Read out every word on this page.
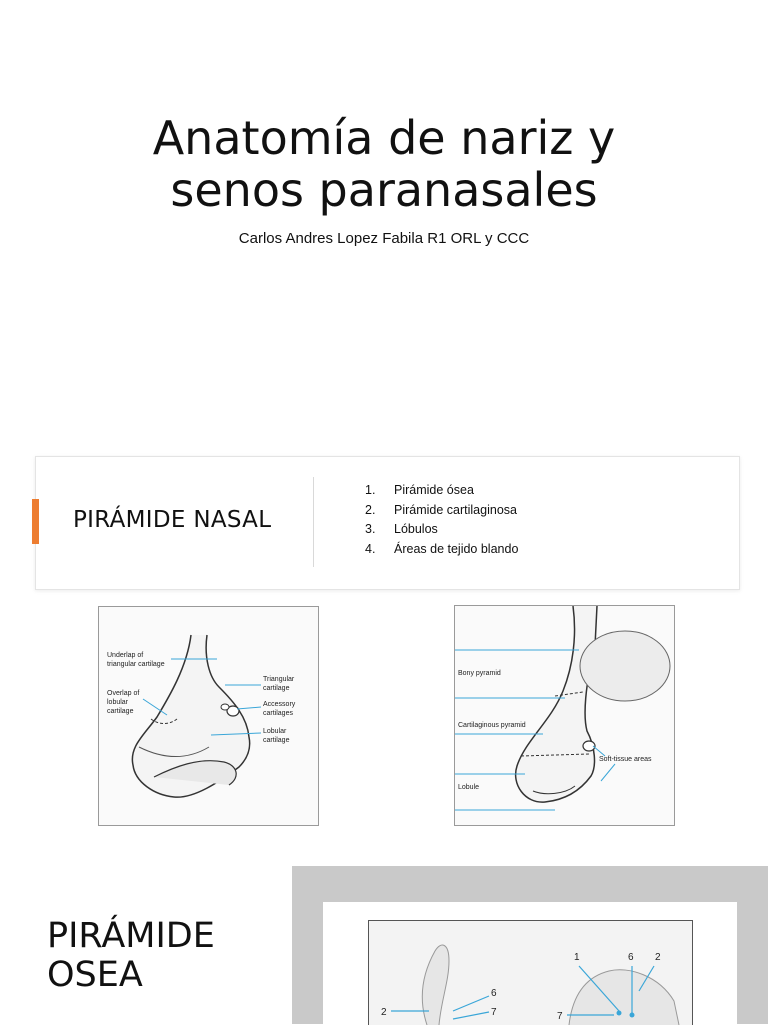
Anatomía de nariz y
senos paranasales
Carlos Andres Lopez Fabila R1 ORL y CCC
PIRÁMIDE NASAL
1.	Pirámide ósea
2.	Pirámide cartilaginosa
3.	Lóbulos
4.	Áreas de tejido blando
Underlap of
triangular cartilage
Overlap of
lobular
cartilage
Triangular
cartilage
Accessory
cartilages
Lobular
cartilage
Bony pyramid
Cartilaginous pyramid
Soft-tissue areas
Lobule
PIRÁMIDE
OSEA	1	6 2
6
2	7	7
